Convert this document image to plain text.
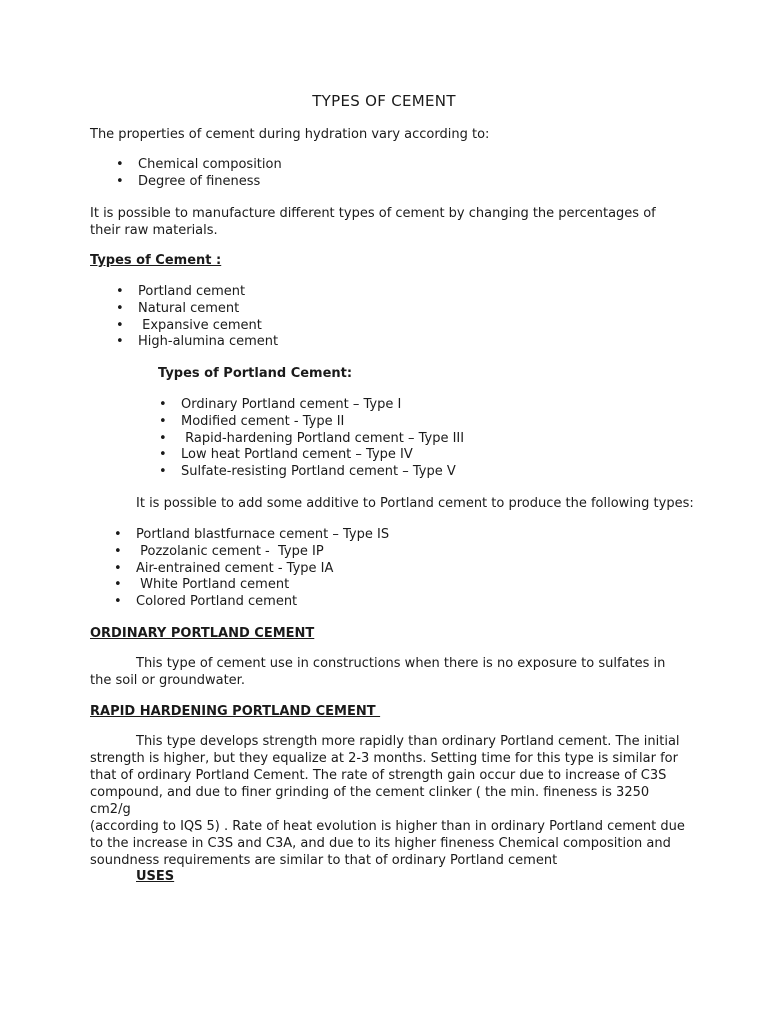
TYPES OF CEMENT

The properties of cement during hydration vary according to:

• Chemical composition
• Degree of fineness

It is possible to manufacture different types of cement by changing the percentages of their raw materials.

Types of Cement :
• Portland cement
• Natural cement
•  Expansive cement
• High-alumina cement
Types of Portland Cement:
• Ordinary Portland cement – Type I
• Modified cement - Type II
•  Rapid-hardening Portland cement – Type III
• Low heat Portland cement – Type IV
• Sulfate-resisting Portland cement – Type V

It is possible to add some additive to Portland cement to produce the following types:

• Portland blastfurnace cement – Type IS
•  Pozzolanic cement -  Type IP
• Air-entrained cement - Type IA
•  White Portland cement
• Colored Portland cement
ORDINARY PORTLAND CEMENT

This type of cement use in constructions when there is no exposure to sulfates in the soil or groundwater.

RAPID HARDENING PORTLAND CEMENT
This type develops strength more rapidly than ordinary Portland cement. The initial
strength is higher, but they equalize at 2-3 months. Setting time for this type is similar for
that of ordinary Portland Cement. The rate of strength gain occur due to increase of C3S
compound, and due to finer grinding of the cement clinker ( the min. fineness is 3250 cm2/g
(according to IQS 5) . Rate of heat evolution is higher than in ordinary Portland cement due
to the increase in C3S and C3A, and due to its higher fineness Chemical composition and
soundness requirements are similar to that of ordinary Portland cement
USES
